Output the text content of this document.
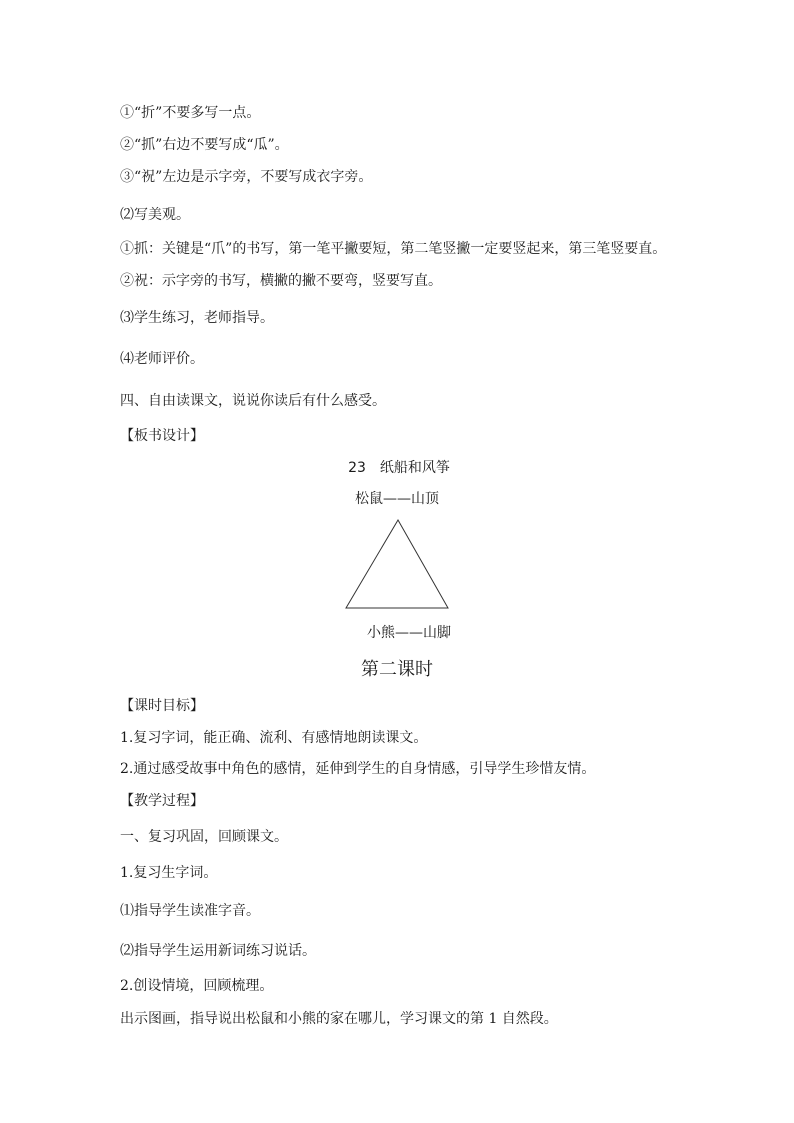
①“折”不要多写一点。
②“抓”右边不要写成“瓜”。
③“祝”左边是示字旁，不要写成衣字旁。
⑵写美观。
①抓：关键是“爪”的书写，第一笔平撇要短，第二笔竖撇一定要竖起来，第三笔竖要直。
②祝：示字旁的书写，横撇的撇不要弯，竖要写直。
⑶学生练习，老师指导。
⑷老师评价。
四、自由读课文，说说你读后有什么感受。
【板书设计】
23　纸船和风筝
松鼠——山顶
小熊——山脚
第二课时
【课时目标】
1.复习字词，能正确、流利、有感情地朗读课文。
2.通过感受故事中角色的感情，延伸到学生的自身情感，引导学生珍惜友情。
【教学过程】
一、复习巩固，回顾课文。
1.复习生字词。
⑴指导学生读准字音。
⑵指导学生运用新词练习说话。
2.创设情境，回顾梳理。
出示图画，指导说出松鼠和小熊的家在哪儿，学习课文的第 1 自然段。
